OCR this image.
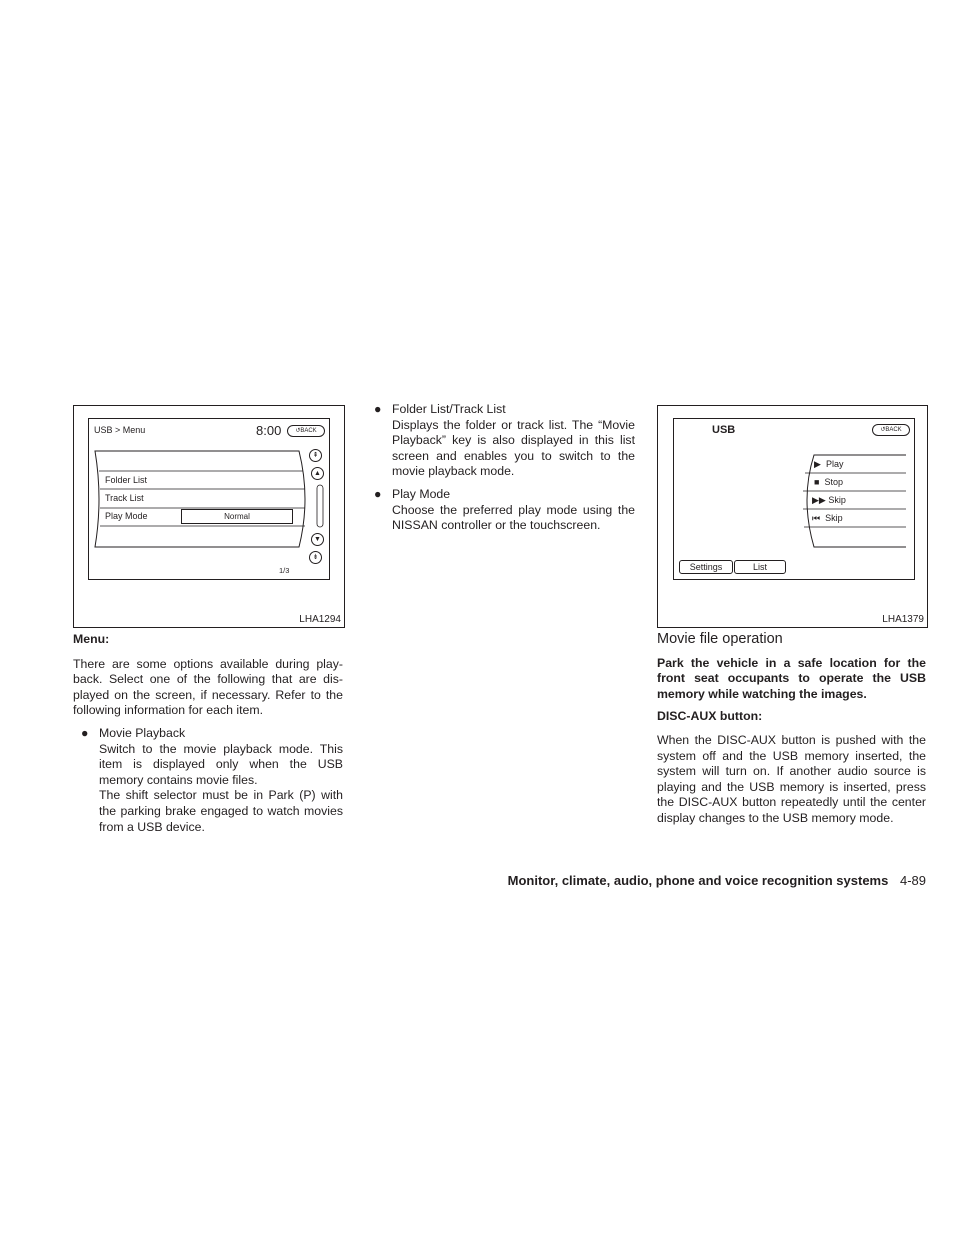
USB > Menu	8:00	↺BACK
Folder List
Track List
Play Mode	Normal
⇞
▲
▼
⇟
1/3
LHA1294

Menu:

There are some options available during play-back. Select one of the following that are dis-played on the screen, if necessary. Refer to the following information for each item.

● Movie Playback

Switch to the movie playback mode. This item is displayed only when the USB memory contains movie files.

The shift selector must be in Park (P) with the parking brake engaged to watch movies from a USB device.

● Folder List/Track List

Displays the folder or track list. The “Movie Playback” key is also displayed in this list screen and enables you to switch to the movie playback mode.

● Play Mode

Choose the preferred play mode using the NISSAN controller or the touchscreen.

USB	↺BACK
▶ Play
■ Stop
▶▶ Skip
⏮ Skip
Settings	List
LHA1379

Movie file operation

Park the vehicle in a safe location for the front seat occupants to operate the USB memory while watching the images.

DISC-AUX button:

When the DISC-AUX button is pushed with the system off and the USB memory inserted, the system will turn on. If another audio source is playing and the USB memory is inserted, press the DISC-AUX button repeatedly until the center display changes to the USB memory mode.

Monitor, climate, audio, phone and voice recognition systems 4-89
